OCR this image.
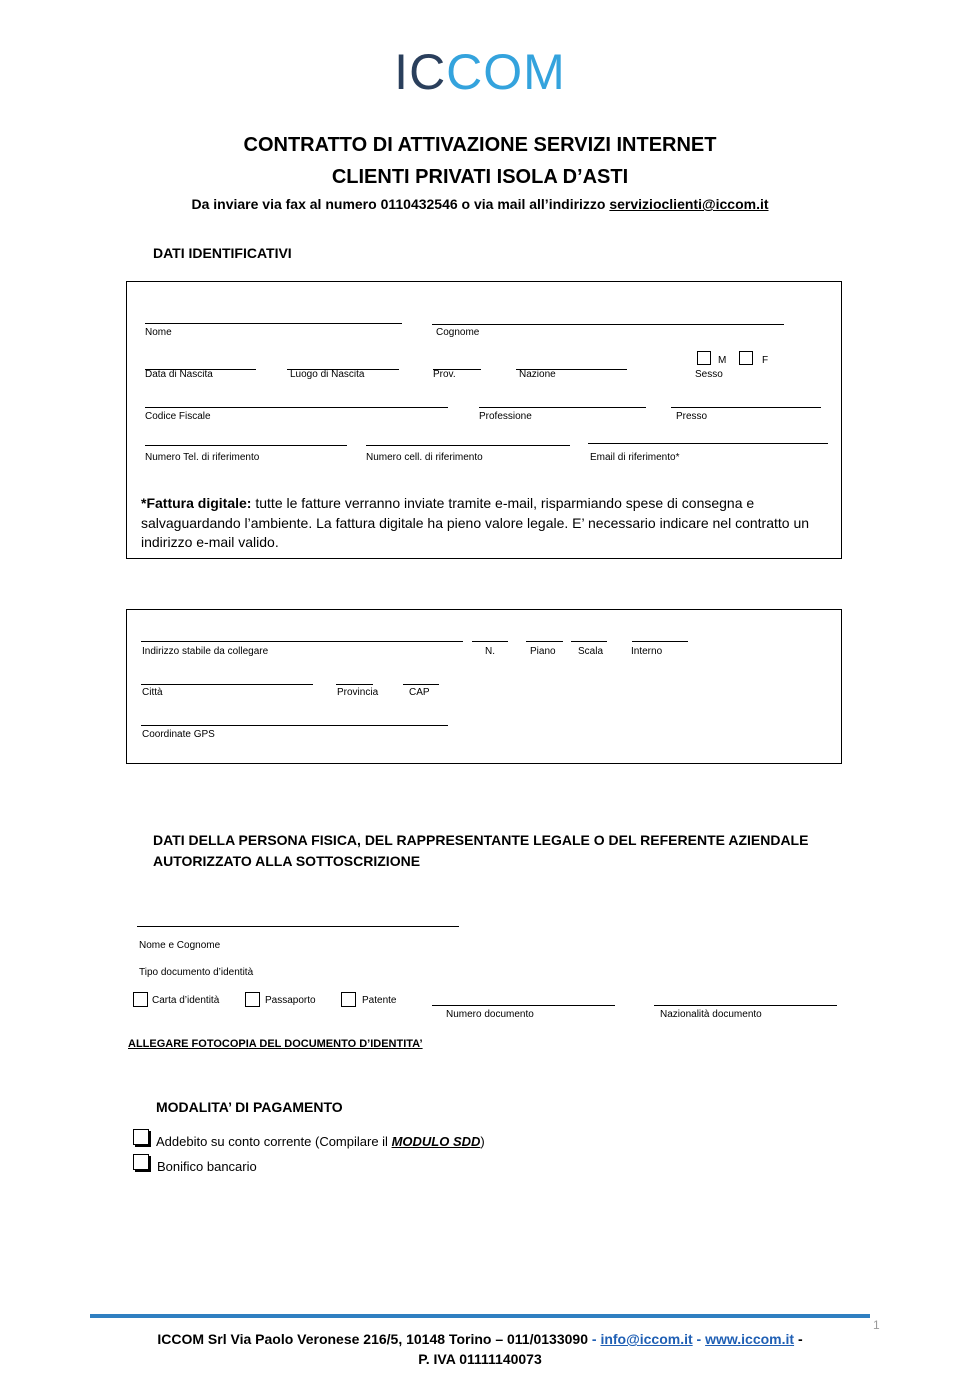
ICCOM
CONTRATTO DI ATTIVAZIONE SERVIZI INTERNET
CLIENTI PRIVATI ISOLA D’ASTI
Da inviare via fax al numero 0110432546 o via mail all’indirizzo servizioclienti@iccom.it
DATI IDENTIFICATIVI
Nome	Cognome
Data di Nascita	Luogo di Nascita	Prov.	Nazione
M	F
Sesso
Codice Fiscale	Professione	Presso
Numero Tel. di riferimento	Numero cell. di riferimento	Email di riferimento*
*Fattura digitale: tutte le fatture verranno inviate tramite e-mail, risparmiando spese di consegna e salvaguardando l’ambiente. La fattura digitale ha pieno valore legale. E’ necessario indicare nel contratto un indirizzo e-mail valido.
Indirizzo stabile da collegare	N.	Piano Scala	Interno
Città	Provincia	CAP
Coordinate GPS
DATI DELLA PERSONA FISICA, DEL RAPPRESENTANTE LEGALE O DEL REFERENTE AZIENDALE
AUTORIZZATO ALLA SOTTOSCRIZIONE
Nome e Cognome
Tipo documento d’identità
Carta d’identità	Passaporto	Patente
Numero documento	Nazionalità documento
ALLEGARE FOTOCOPIA DEL DOCUMENTO D’IDENTITA’
MODALITA’ DI PAGAMENTO
Addebito su conto corrente (Compilare il MODULO SDD)
Bonifico bancario
1
ICCOM Srl Via Paolo Veronese 216/5, 10148 Torino – 011/0133090 - info@iccom.it - www.iccom.it -
P. IVA 01111140073
